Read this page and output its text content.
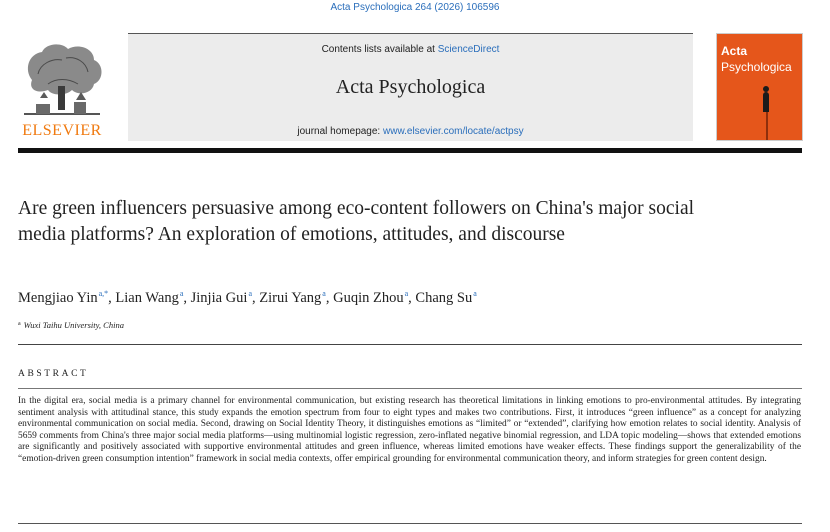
Acta Psychologica 264 (2026) 106596
ELSEVIER
Contents lists available at ScienceDirect
Acta Psychologica
journal homepage: www.elsevier.com/locate/actpsy
Acta
Psychologica
Are green influencers persuasive among eco-content followers on China's major social media platforms? An exploration of emotions, attitudes, and discourse
Mengjiao Yin$^{a,*}$, Lian Wang$^a$, Jinjia Gui$^a$, Zirui Yang$^a$, Guqin Zhou$^a$, Chang Su$^a$
$^a$ Wuxi Taihu University, China
ABSTRACT

In the digital era, social media is a primary channel for environmental communication, but existing research has theoretical limitations in linking emotions to pro-environmental attitudes. By integrating sentiment analysis with attitudinal stance, this study expands the emotion spectrum from four to eight types and makes two contributions. First, it introduces “green influence” as a concept for analyzing environmental communication on social media. Second, drawing on Social Identity Theory, it distinguishes emotions as “limited” or “extended”, clarifying how emotion relates to social identity. Analysis of 5659 comments from China's three major social media platforms—using multinomial logistic regression, zero-inflated negative binomial regression, and LDA topic modeling—shows that extended emotions are significantly and positively associated with supportive environmental attitudes and green influence, whereas limited emotions have weaker effects. These findings support the generalizability of the “emotion-driven green consumption intention” framework in social media contexts, offer empirical grounding for environmental communication theory, and inform strategies for green content design.
